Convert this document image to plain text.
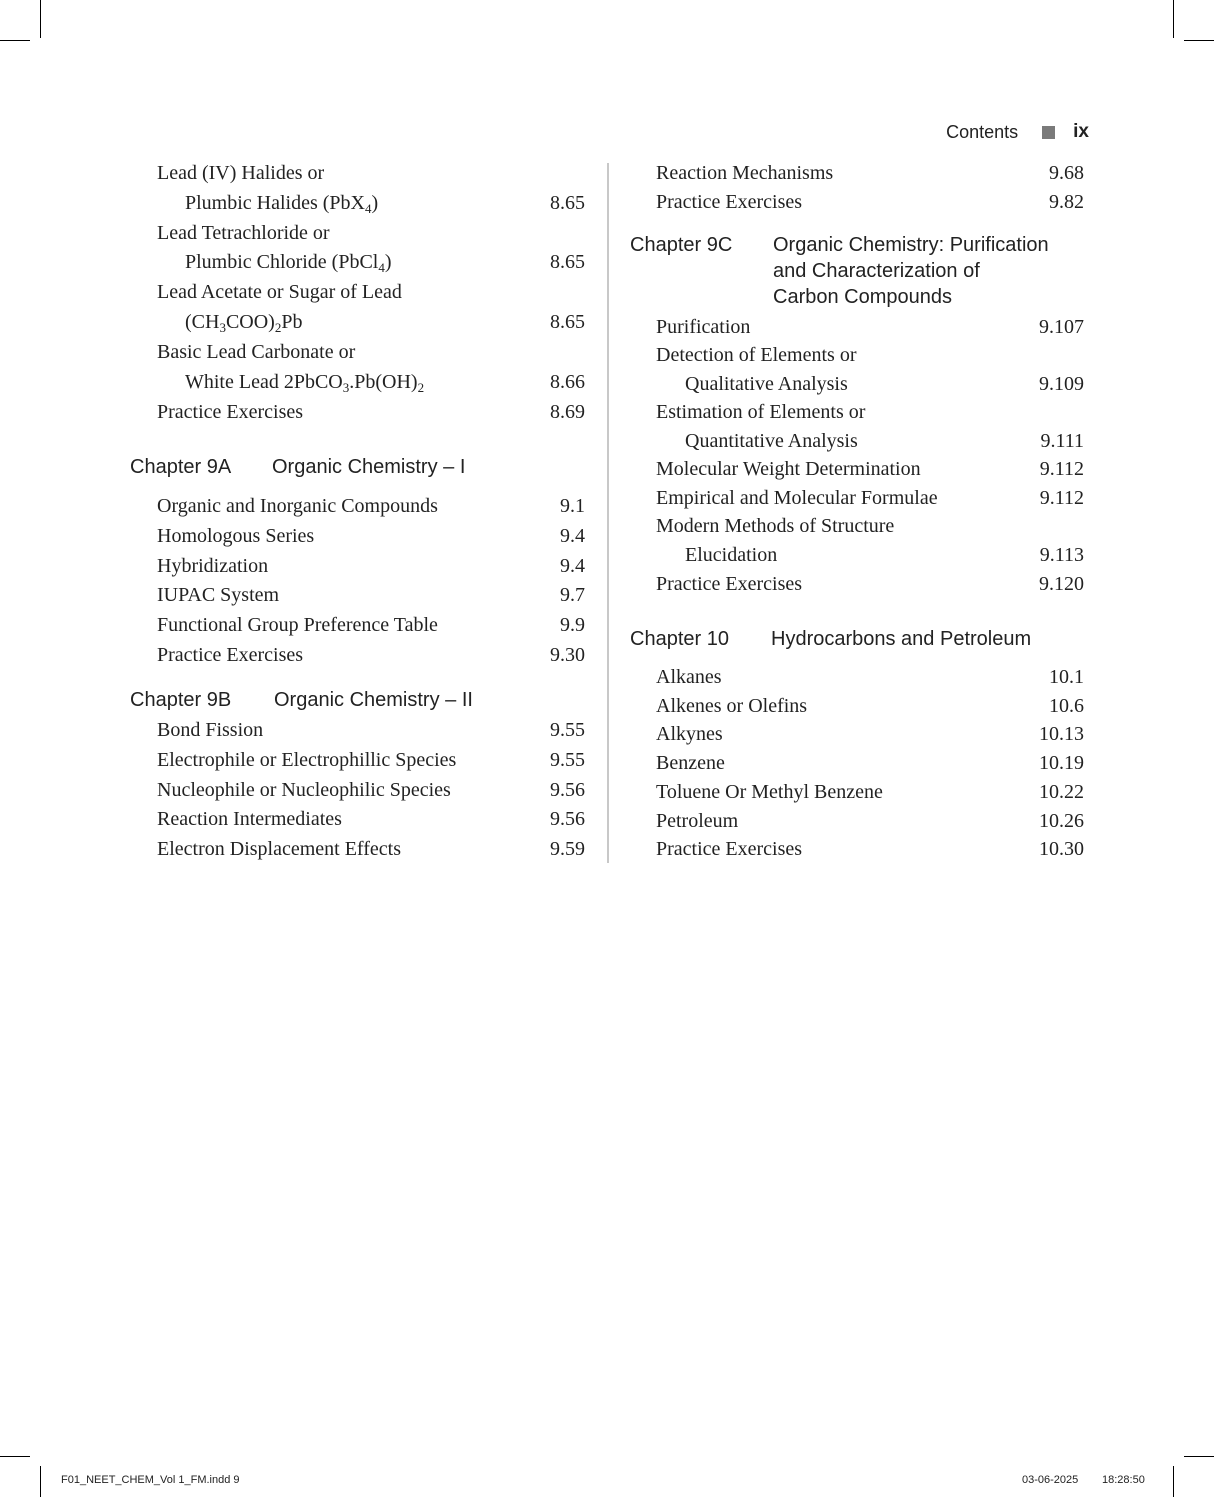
Contents	ix
Lead (IV) Halides or
Plumbic Halides (PbX$_4$)	8.65
Lead Tetrachloride or
Plumbic Chloride (PbCl$_4$)	8.65
Lead Acetate or Sugar of Lead
$(CH_3COO)_2Pb$	8.65
Basic Lead Carbonate or
White Lead $2PbCO_3.Pb(OH)_2$	8.66
Practice Exercises	8.69
Chapter 9A Organic Chemistry – I
Organic and Inorganic Compounds	9.1
Homologous Series	9.4
Hybridization	9.4
IUPAC System	9.7
Functional Group Preference Table	9.9
Practice Exercises	9.30
Chapter 9B Organic Chemistry – II
Bond Fission	9.55
Electrophile or Electrophillic Species	9.55
Nucleophile or Nucleophilic Species	9.56
Reaction Intermediates	9.56
Electron Displacement Effects	9.59
Reaction Mechanisms	9.68
Practice Exercises	9.82
Chapter 9C Organic Chemistry: Purification
and Characterization of
Carbon Compounds
Purification	9.107
Detection of Elements or
Qualitative Analysis	9.109
Estimation of Elements or
Quantitative Analysis	9.111
Molecular Weight Determination	9.112
Empirical and Molecular Formulae	9.112
Modern Methods of Structure
Elucidation	9.113
Practice Exercises	9.120
Chapter 10 Hydrocarbons and Petroleum
Alkanes	10.1
Alkenes or Olefins	10.6
Alkynes	10.13
Benzene	10.19
Toluene Or Methyl Benzene	10.22
Petroleum	10.26
Practice Exercises	10.30
F01_NEET_CHEM_Vol 1_FM.indd 9	03-06-2025 18:28:50
